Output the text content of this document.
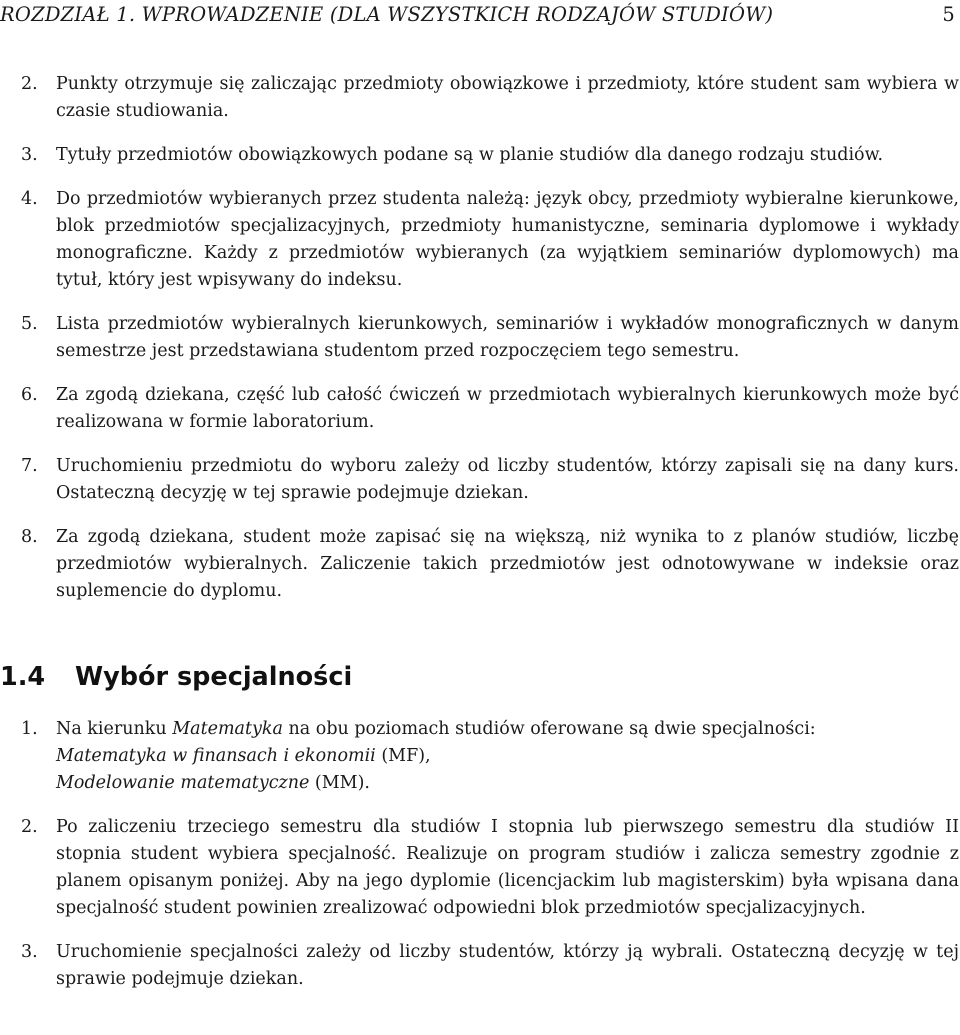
ROZDZIAŁ 1. WPROWADZENIE (DLA WSZYSTKICH RODZAJÓW STUDIÓW)	5
2. Punkty otrzymuje się zaliczając przedmioty obowiązkowe i przedmioty, które student sam wybiera w czasie studiowania.

3. Tytuły przedmiotów obowiązkowych podane są w planie studiów dla danego rodzaju studiów.

4. Do przedmiotów wybieranych przez studenta należą: język obcy, przedmioty wybieralne kierunkowe, blok przedmiotów specjalizacyjnych, przedmioty humanistyczne, seminaria dyplomowe i wykłady monograficzne. Każdy z przedmiotów wybieranych (za wyjątkiem seminariów dyplomowych) ma tytuł, który jest wpisywany do indeksu.

5. Lista przedmiotów wybieralnych kierunkowych, seminariów i wykładów monograficznych w danym semestrze jest przedstawiana studentom przed rozpoczęciem tego semestru.

6. Za zgodą dziekana, część lub całość ćwiczeń w przedmiotach wybieralnych kierunkowych może być realizowana w formie laboratorium.

7. Uruchomieniu przedmiotu do wyboru zależy od liczby studentów, którzy zapisali się na dany kurs. Ostateczną decyzję w tej sprawie podejmuje dziekan.

8. Za zgodą dziekana, student może zapisać się na większą, niż wynika to z planów studiów, liczbę przedmiotów wybieralnych. Zaliczenie takich przedmiotów jest odnotowywane w indeksie oraz suplemencie do dyplomu.

1.4 Wybór specjalności
1. Na kierunku Matematyka na obu poziomach studiów oferowane są dwie specjalności:
Matematyka w finansach i ekonomii (MF),
Modelowanie matematyczne (MM).

2. Po zaliczeniu trzeciego semestru dla studiów I stopnia lub pierwszego semestru dla studiów II stopnia student wybiera specjalność. Realizuje on program studiów i zalicza semestry zgodnie z planem opisanym poniżej. Aby na jego dyplomie (licencjackim lub magisterskim) była wpisana dana specjalność student powinien zrealizować odpowiedni blok przedmiotów specjalizacyjnych.

3. Uruchomienie specjalności zależy od liczby studentów, którzy ją wybrali. Ostateczną decyzję w tej sprawie podejmuje dziekan.
